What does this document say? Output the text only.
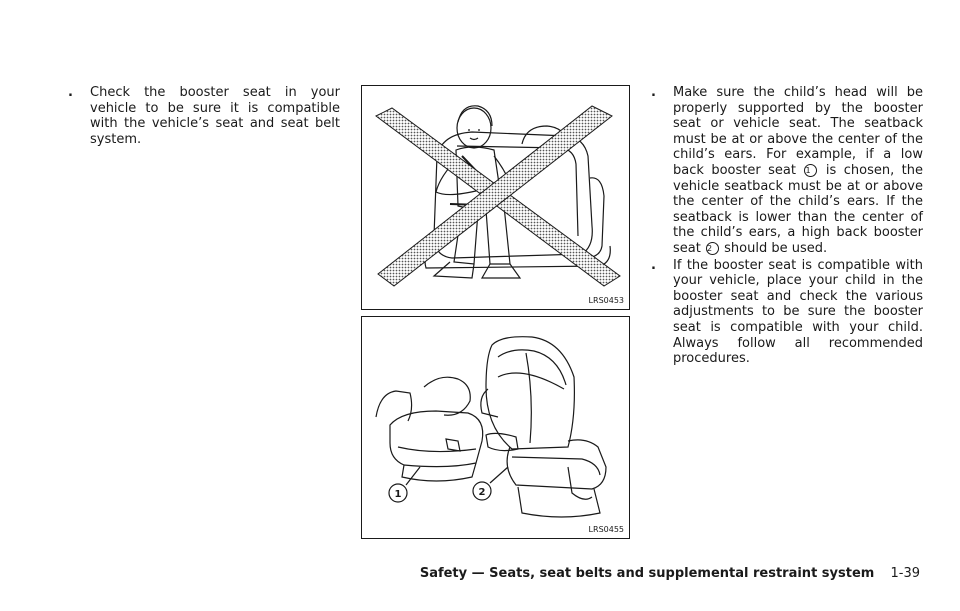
. Check the booster seat in your vehicle to be sure it is compatible with the vehicle’s seat and seat belt system.
LRS0453
1	2
LRS0455
. Make sure the child’s head will be properly supported by the booster seat or vehicle seat. The seatback must be at or above the center of the child’s ears. For example, if a low back booster seat 1 is chosen, the vehicle seatback must be at or above the center of the child’s ears. If the seatback is lower than the center of the child’s ears, a high back booster seat 2 should be used.
. If the booster seat is compatible with your vehicle, place your child in the booster seat and check the various adjustments to be sure the booster seat is compatible with your child. Always follow all recommended procedures.
Safety — Seats, seat belts and supplemental restraint system 1-39
